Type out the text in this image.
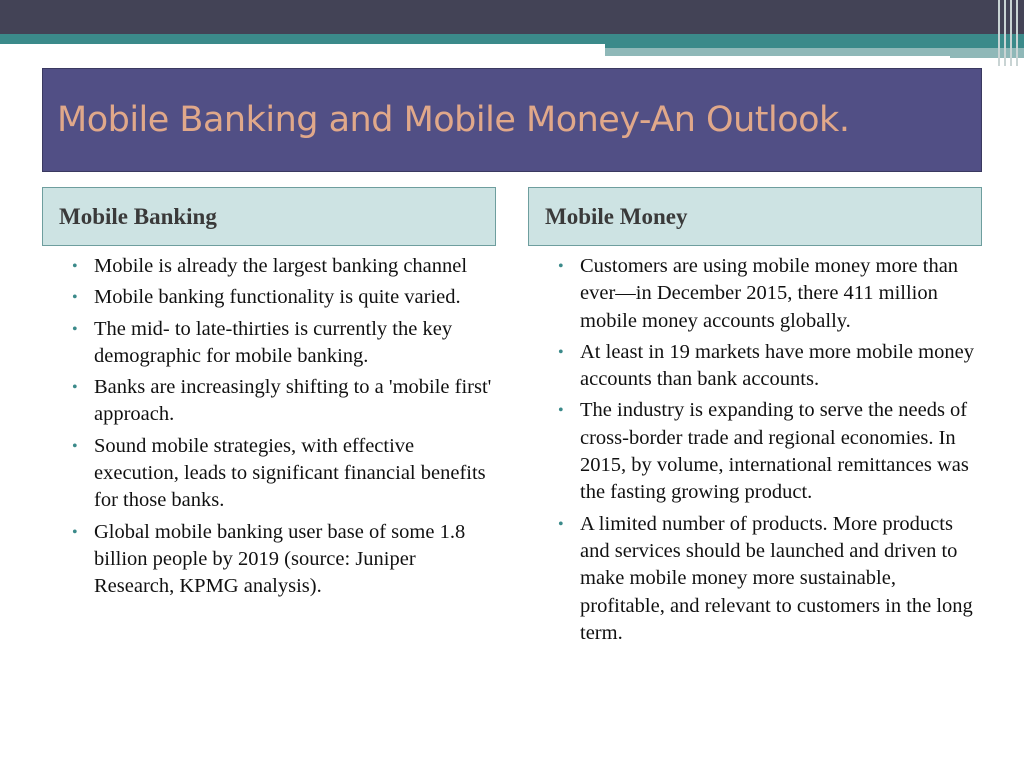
Mobile Banking and Mobile Money-An Outlook.
Mobile Banking	Mobile Money
• Mobile is already the largest banking channel
• Mobile banking functionality is quite varied.
• The mid- to late-thirties is currently the key demographic for mobile banking.
• Banks are increasingly shifting to a 'mobile first' approach.
• Sound mobile strategies, with effective execution, leads to significant financial benefits for those banks.
• Global mobile banking user base of some 1.8 billion people by 2019 (source: Juniper Research, KPMG analysis).
• Customers are using mobile money more than ever—in December 2015, there 411 million mobile money accounts globally.
• At least in 19 markets have more mobile money accounts than bank accounts.
• The industry is expanding to serve the needs of cross-border trade and regional economies. In 2015, by volume, international remittances was the fasting growing product.
• A limited number of products. More products and services should be launched and driven to make mobile money more sustainable, profitable, and relevant to customers in the long term.
